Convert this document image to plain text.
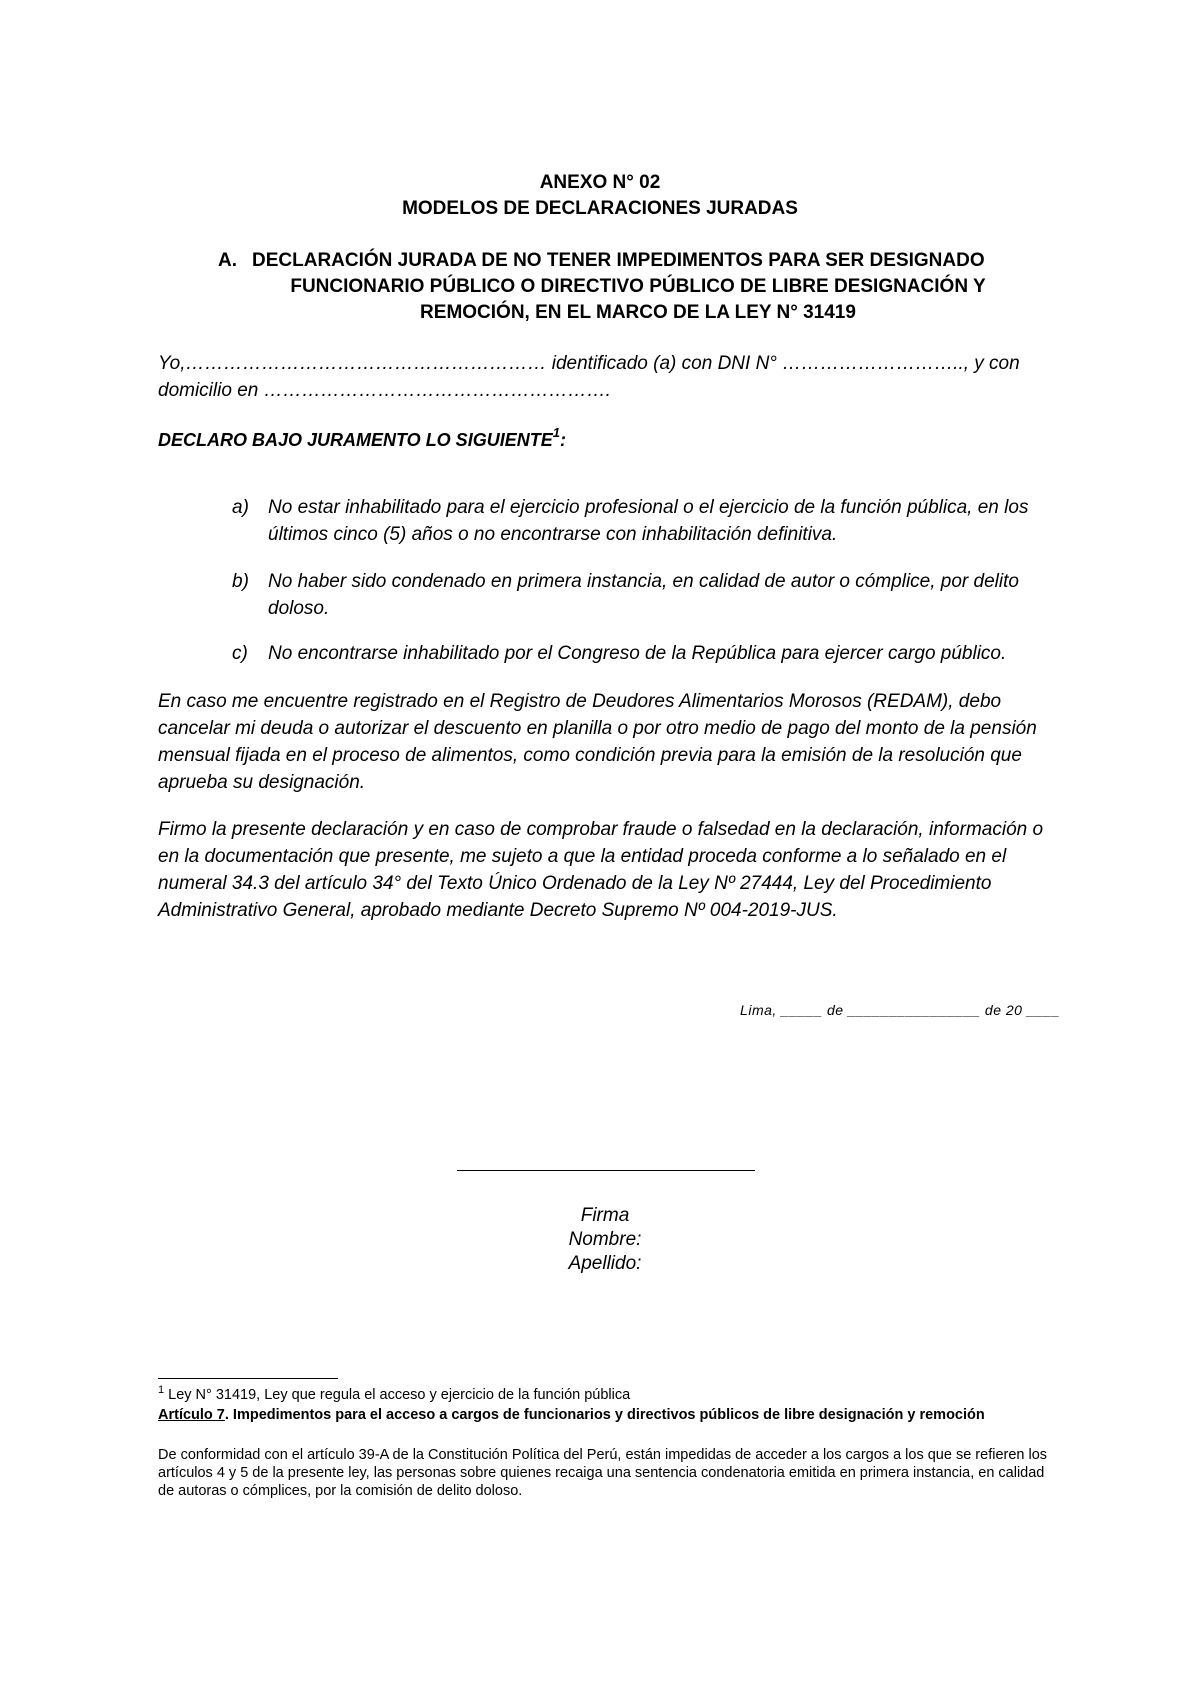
ANEXO N° 02
MODELOS DE DECLARACIONES JURADAS
A. DECLARACIÓN JURADA DE NO TENER IMPEDIMENTOS PARA SER DESIGNADO
FUNCIONARIO PÚBLICO O DIRECTIVO PÚBLICO DE LIBRE DESIGNACIÓN Y
REMOCIÓN, EN EL MARCO DE LA LEY N° 31419
Yo,………………………………………………… identificado (a) con DNI N° ……………………….., y con domicilio en ……………………………………………….
DECLARO BAJO JURAMENTO LO SIGUIENTE$^1$:
a) No estar inhabilitado para el ejercicio profesional o el ejercicio de la función pública, en los últimos cinco (5) años o no encontrarse con inhabilitación definitiva.
b) No haber sido condenado en primera instancia, en calidad de autor o cómplice, por delito doloso.
c) No encontrarse inhabilitado por el Congreso de la República para ejercer cargo público.
En caso me encuentre registrado en el Registro de Deudores Alimentarios Morosos (REDAM), debo cancelar mi deuda o autorizar el descuento en planilla o por otro medio de pago del monto de la pensión mensual fijada en el proceso de alimentos, como condición previa para la emisión de la resolución que aprueba su designación.
Firmo la presente declaración y en caso de comprobar fraude o falsedad en la declaración, información o en la documentación que presente, me sujeto a que la entidad proceda conforme a lo señalado en el numeral 34.3 del artículo 34° del Texto Único Ordenado de la Ley Nº 27444, Ley del Procedimiento Administrativo General, aprobado mediante Decreto Supremo Nº 004-2019-JUS.
Lima, _____ de ________________ de 20 ____
Firma
Nombre:
Apellido:
$^1$ Ley N° 31419, Ley que regula el acceso y ejercicio de la función pública
Artículo 7. Impedimentos para el acceso a cargos de funcionarios y directivos públicos de libre designación y remoción
De conformidad con el artículo 39-A de la Constitución Política del Perú, están impedidas de acceder a los cargos a los que se refieren los artículos 4 y 5 de la presente ley, las personas sobre quienes recaiga una sentencia condenatoria emitida en primera instancia, en calidad de autoras o cómplices, por la comisión de delito doloso.
